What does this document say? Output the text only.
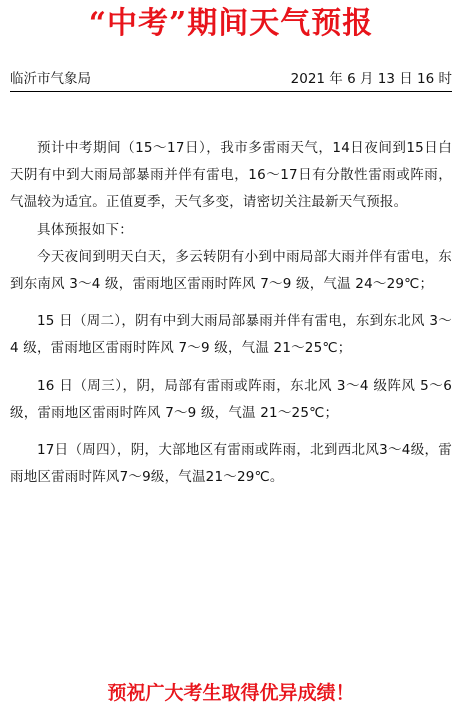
“中考”期间天气预报
临沂市气象局	2021 年 6 月 13 日 16 时

预计中考期间（15～17日），我市多雷雨天气，14日夜间到15日白天阴有中到大雨局部暴雨并伴有雷电，16～17日有分散性雷雨或阵雨，气温较为适宜。正值夏季，天气多变，请密切关注最新天气预报。

具体预报如下：

今天夜间到明天白天，多云转阴有小到中雨局部大雨并伴有雷电，东到东南风 3～4 级，雷雨地区雷雨时阵风 7～9 级，气温 24～29℃；

15 日（周二），阴有中到大雨局部暴雨并伴有雷电，东到东北风 3～4 级，雷雨地区雷雨时阵风 7～9 级，气温 21～25℃；

16 日（周三），阴，局部有雷雨或阵雨，东北风 3～4 级阵风 5～6 级，雷雨地区雷雨时阵风 7～9 级，气温 21～25℃；

17日（周四），阴，大部地区有雷雨或阵雨，北到西北风3～4级，雷雨地区雷雨时阵风7～9级，气温21～29℃。

预祝广大考生取得优异成绩！
